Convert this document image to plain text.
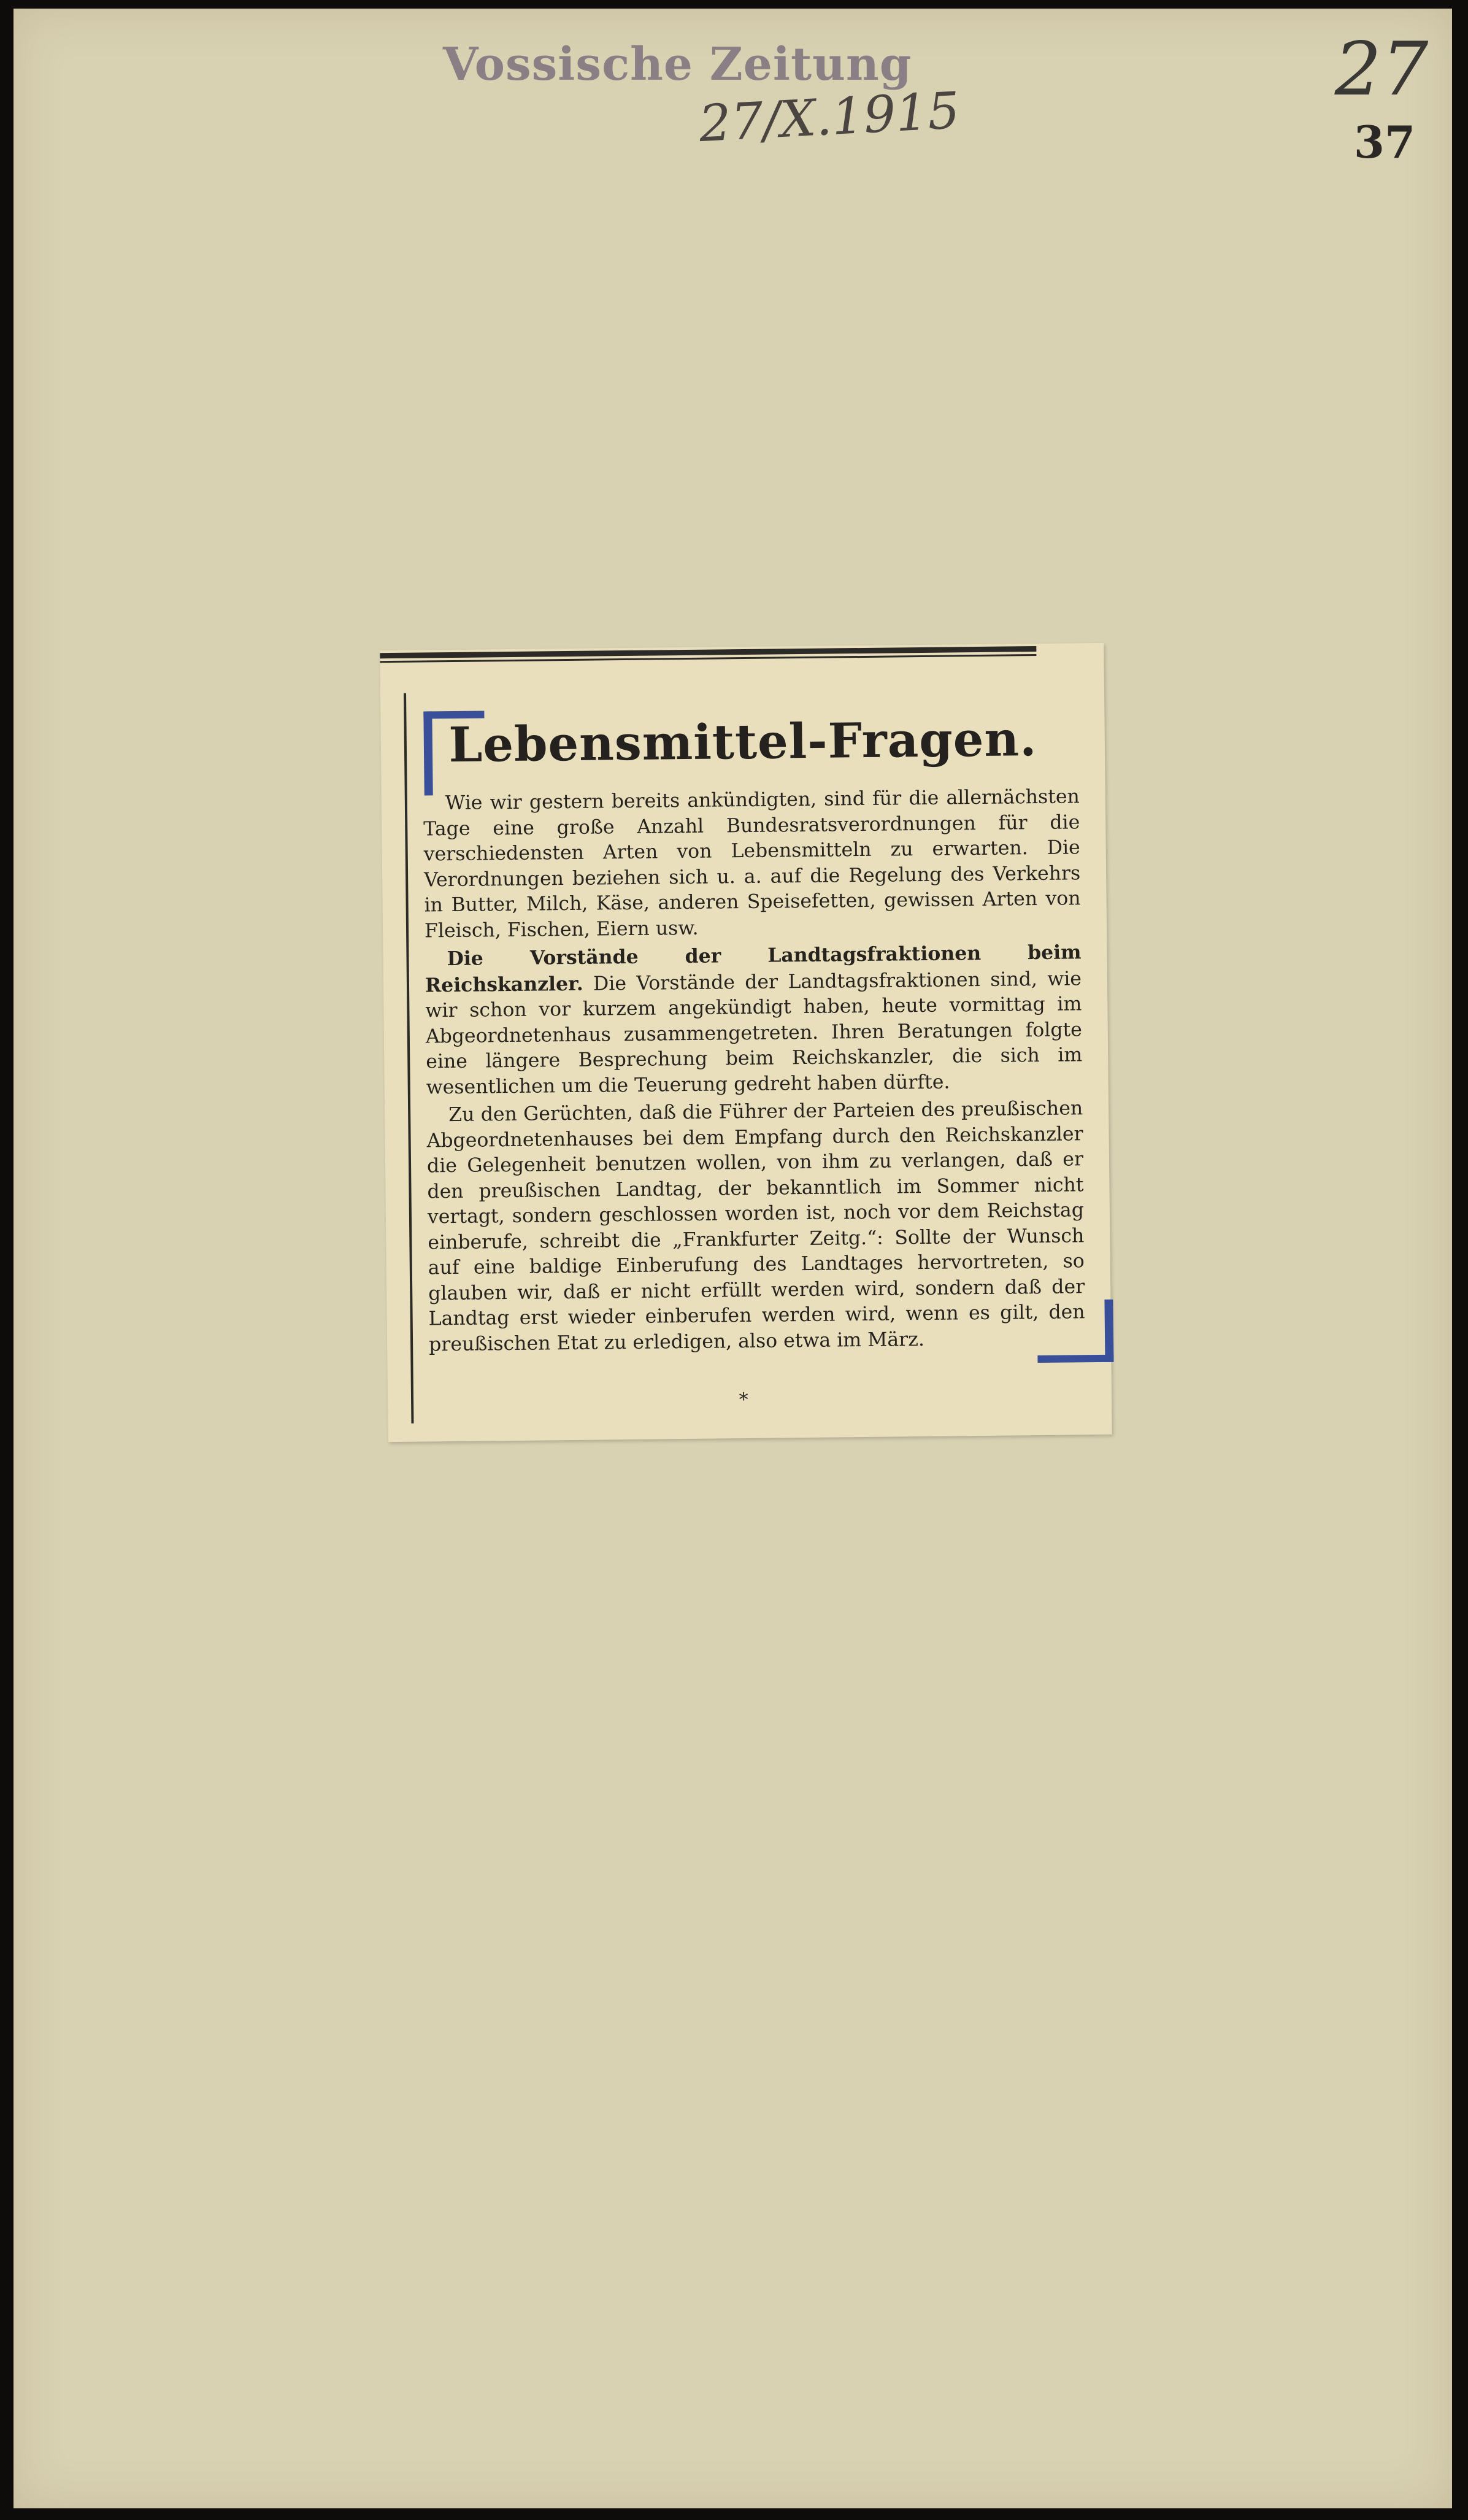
Vossische Zeitung
27/X.1915
27
37
Lebensmittel-Fragen.

Wie wir gestern bereits ankündigten, sind für die allernächsten Tage eine große Anzahl Bundesratsverordnungen für die verschiedensten Arten von Lebensmitteln zu erwarten. Die Verordnungen beziehen sich u. a. auf die Regelung des Verkehrs in Butter, Milch, Käse, anderen Speisefetten, gewissen Arten von Fleisch, Fischen, Eiern usw.

Die Vorstände der Landtagsfraktionen beim Reichskanzler. Die Vorstände der Landtagsfraktionen sind, wie wir schon vor kurzem angekündigt haben, heute vormittag im Abgeordnetenhaus zusammengetreten. Ihren Beratungen folgte eine längere Besprechung beim Reichskanzler, die sich im wesentlichen um die Teuerung gedreht haben dürfte.

Zu den Gerüchten, daß die Führer der Parteien des preußischen Abgeordnetenhauses bei dem Empfang durch den Reichskanzler die Gelegenheit benutzen wollen, von ihm zu verlangen, daß er den preußischen Landtag, der bekanntlich im Sommer nicht vertagt, sondern geschlossen worden ist, noch vor dem Reichstag einberufe, schreibt die „Frankfurter Zeitg.“: Sollte der Wunsch auf eine baldige Einberufung des Landtages hervortreten, so glauben wir, daß er nicht erfüllt werden wird, sondern daß der Landtag erst wieder einberufen werden wird, wenn es gilt, den preußischen Etat zu erledigen, also etwa im März.

*
